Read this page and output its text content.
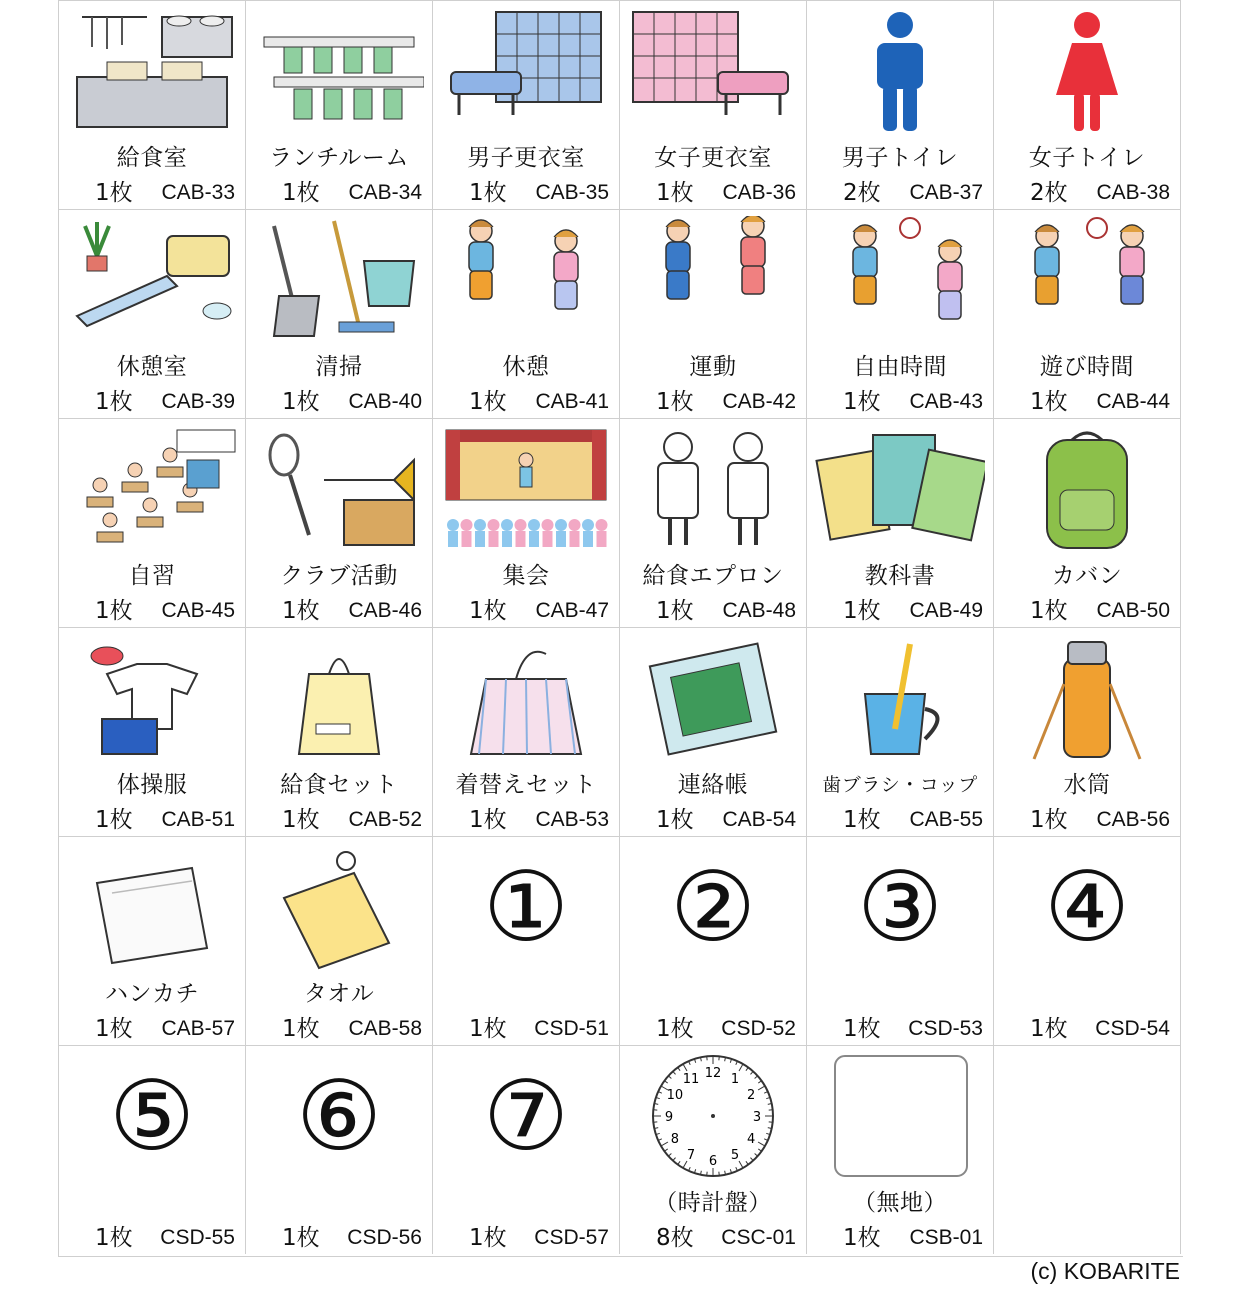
給食室
1枚 CAB-33
ランチルーム
1枚 CAB-34
男子更衣室
1枚 CAB-35
女子更衣室
1枚 CAB-36
男子トイレ
2枚 CAB-37
女子トイレ
2枚 CAB-38
休憩室
1枚 CAB-39
清掃
1枚 CAB-40
休憩
1枚 CAB-41
運動
1枚 CAB-42
自由時間
1枚 CAB-43
遊び時間
1枚 CAB-44
自習
1枚 CAB-45
クラブ活動
1枚 CAB-46
集会
1枚 CAB-47
給食エプロン
1枚 CAB-48
教科書
1枚 CAB-49
カバン
1枚 CAB-50
体操服
1枚 CAB-51
給食セット
1枚 CAB-52
着替えセット
1枚 CAB-53
連絡帳
1枚 CAB-54
歯ブラシ・コップ
1枚 CAB-55
水筒
1枚 CAB-56
ハンカチ
1枚 CAB-57
タオル
1枚 CAB-58
①
1枚 CSD-51
②
1枚 CSD-52
③
1枚 CSD-53
④
1枚 CSD-54
⑤
1枚 CSD-55
⑥
1枚 CSD-56
⑦
1枚 CSD-57
12 1
2
3
4
5
6
7
8
9
10
11
（時計盤）
8枚 CSC-01
（無地）
1枚 CSB-01
(c) KOBARITE
